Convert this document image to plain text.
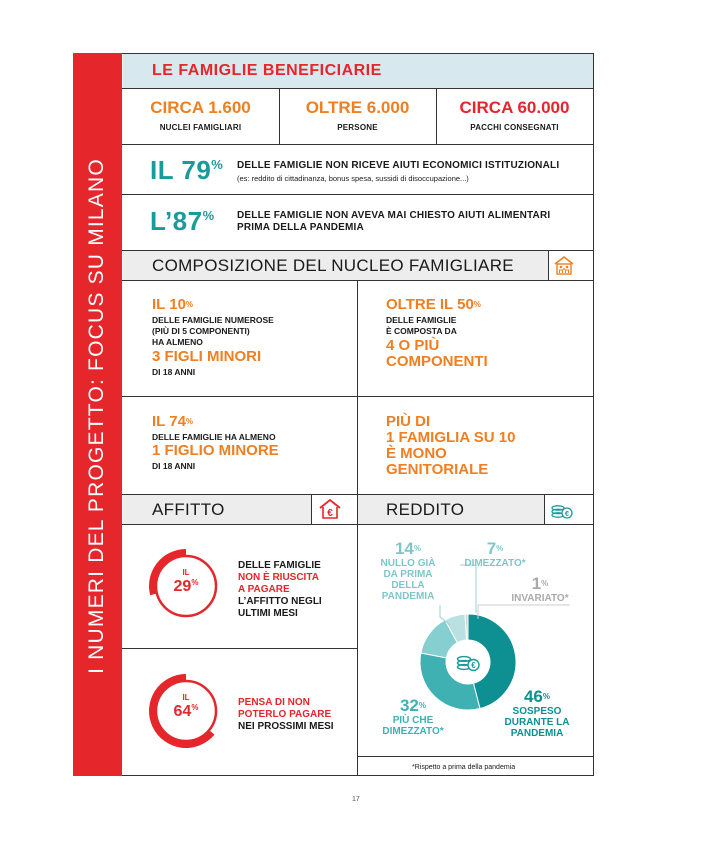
I NUMERI DEL PROGETTO: FOCUS SU MILANO
LE FAMIGLIE BENEFICIARIE
CIRCA 1.600
NUCLEI FAMIGLIARI
OLTRE 6.000
PERSONE
CIRCA 60.000
PACCHI CONSEGNATI
IL 79% DELLE FAMIGLIE NON RICEVE AIUTI ECONOMICI ISTITUZIONALI
(es: reddito di cittadinanza, bonus spesa, sussidi di disoccupazione...)
L’87% DELLE FAMIGLIE NON AVEVA MAI CHIESTO AIUTI ALIMENTARI
PRIMA DELLA PANDEMIA
COMPOSIZIONE DEL NUCLEO FAMIGLIARE
IL 10%
DELLE FAMIGLIE NUMEROSE
(PIÙ DI 5 COMPONENTI)
HA ALMENO
3 FIGLI MINORI
DI 18 ANNI
OLTRE IL 50%
DELLE FAMIGLIE
È COMPOSTA DA
4 O PIÙ
COMPONENTI
IL 74%
DELLE FAMIGLIE HA ALMENO
1 FIGLIO MINORE
DI 18 ANNI
PIÙ DI
1 FAMIGLIA SU 10
È MONO
GENITORIALE
AFFITTO	€
IL
29%
DELLE FAMIGLIE
NON È RIUSCITA
A PAGARE
L’AFFITTO NEGLI
ULTIMI MESI
IL
64%	PENSA DI NON
POTERLO PAGARE
NEI PROSSIMI MESI
REDDITO	€
€
14%
NULLO GIÀ
DA PRIMA
DELLA
PANDEMIA
7%
DIMEZZATO*
1%
INVARIATO*
32%
PIÙ CHE
DIMEZZATO*
46%
SOSPESO
DURANTE LA
PANDEMIA
*Rispetto a prima della pandemia
17
